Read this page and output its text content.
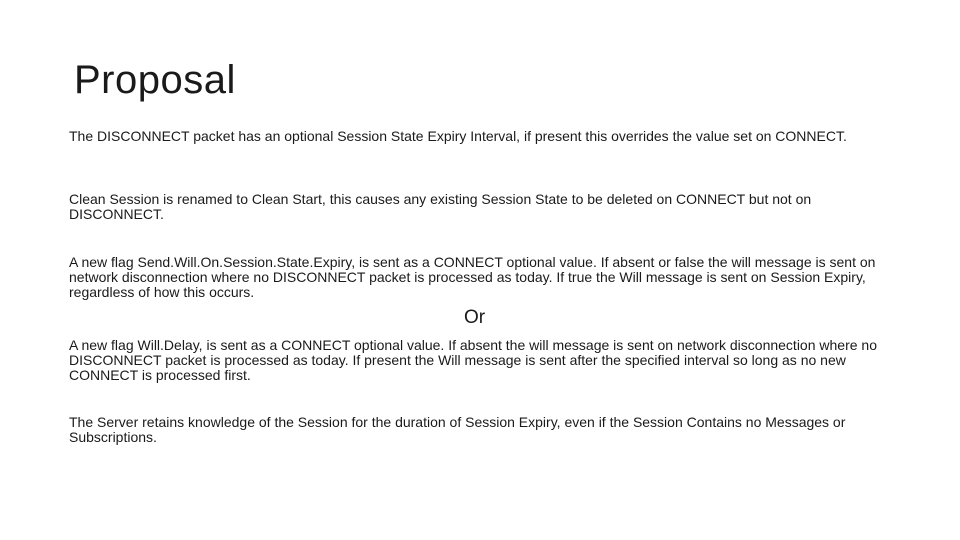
Proposal

The DISCONNECT packet has an optional Session State Expiry Interval, if present this overrides the value set on CONNECT.

Clean Session is renamed to Clean Start, this causes any existing Session State to be deleted on CONNECT but not on DISCONNECT.

A new flag Send.Will.On.Session.State.Expiry, is sent as a CONNECT optional value. If absent or false the will message is sent on network disconnection where no DISCONNECT packet is processed as today. If true the Will message is sent on Session Expiry, regardless of how this occurs.

Or

A new flag Will.Delay, is sent as a CONNECT optional value. If absent the will message is sent on network disconnection where no DISCONNECT packet is processed as today. If present the Will message is sent after the specified interval so long as no new CONNECT is processed first.

The Server retains knowledge of the Session for the duration of Session Expiry, even if the Session Contains no Messages or Subscriptions.
